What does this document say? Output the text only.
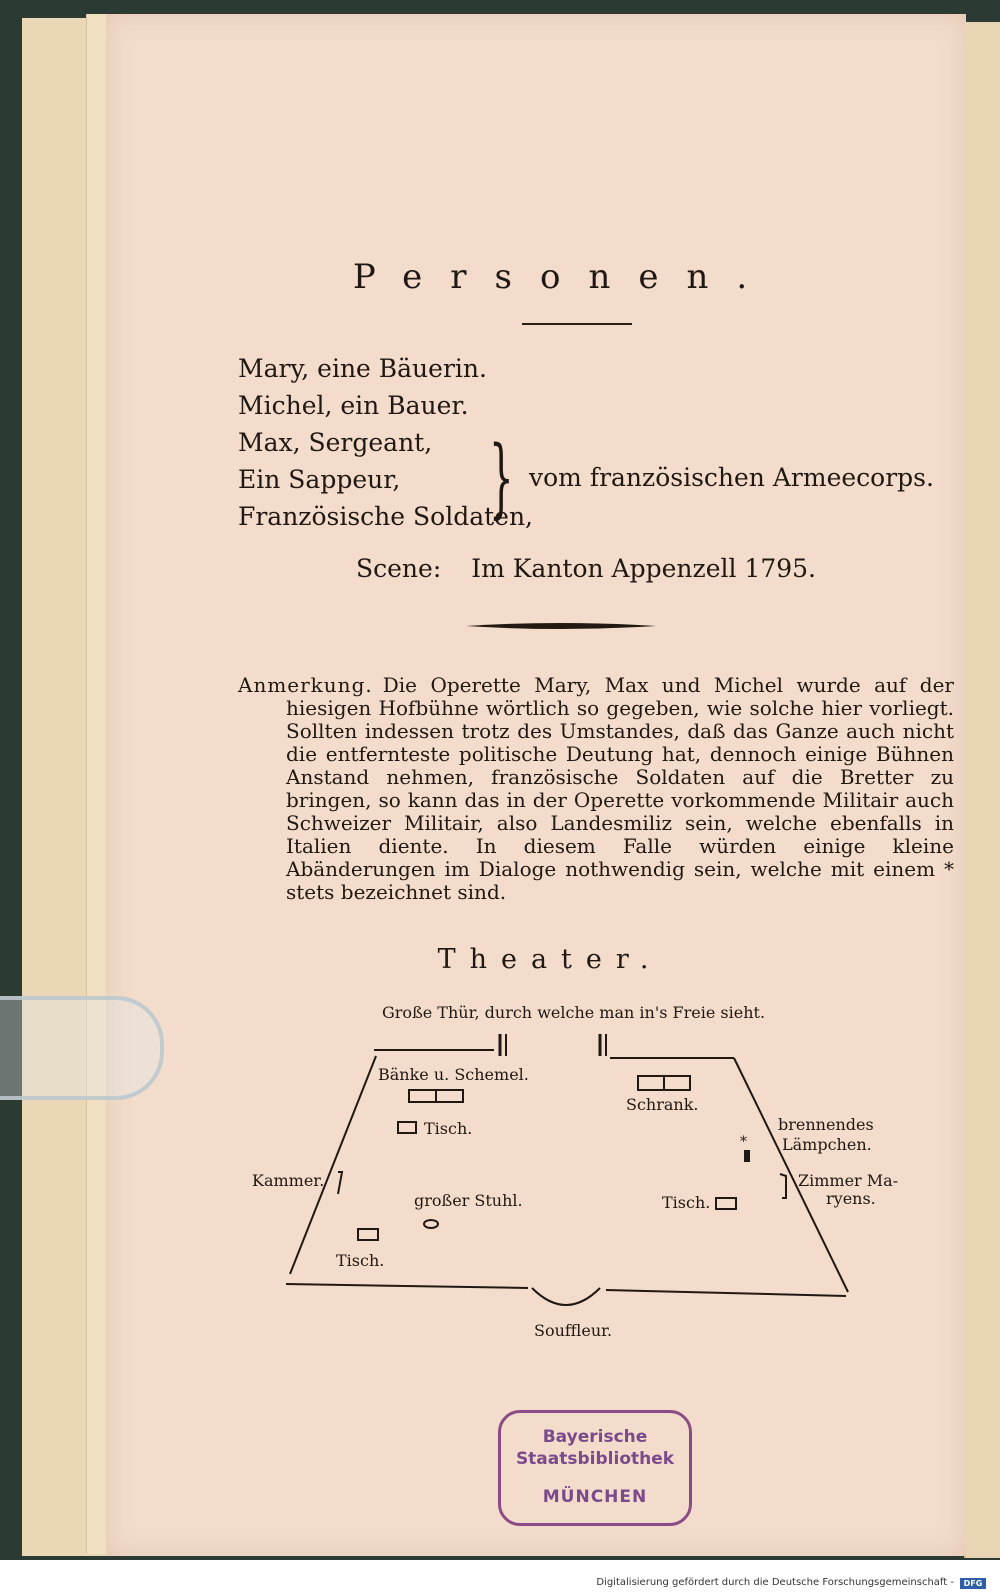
Personen.
Mary, eine Bäuerin.
Michel, ein Bauer.
Max, Sergeant,
Ein Sappeur,
Französische Soldaten,
} vom französischen Armeecorps.
Scene: Im Kanton Appenzell 1795.
Anmerkung. Die Operette Mary, Max und Michel wurde auf der hiesigen Hofbühne wörtlich so gegeben, wie solche hier vorliegt. Sollten indessen trotz des Umstandes, daß das Ganze auch nicht die entfernteste politische Deutung hat, dennoch einige Bühnen Anstand nehmen, französische Soldaten auf die Bretter zu bringen, so kann das in der Operette vorkommende Militair auch Schweizer Militair, also Landesmiliz sein, welche ebenfalls in Italien diente. In diesem Falle würden einige kleine Abänderungen im Dialoge nothwendig sein, welche mit einem * stets bezeichnet sind.
Theater.
*
Große Thür, durch welche man in's Freie sieht.
Bänke u. Schemel.
Schrank.
Tisch.	brennendes
Lämpchen.
Kammer.
großer Stuhl.	Tisch.
Zimmer Ma-
ryens.
Tisch.
Souffleur.
Bayerische
Staatsbibliothek
MÜNCHEN
Digitalisierung gefördert durch die Deutsche Forschungsgemeinschaft -	DFG
